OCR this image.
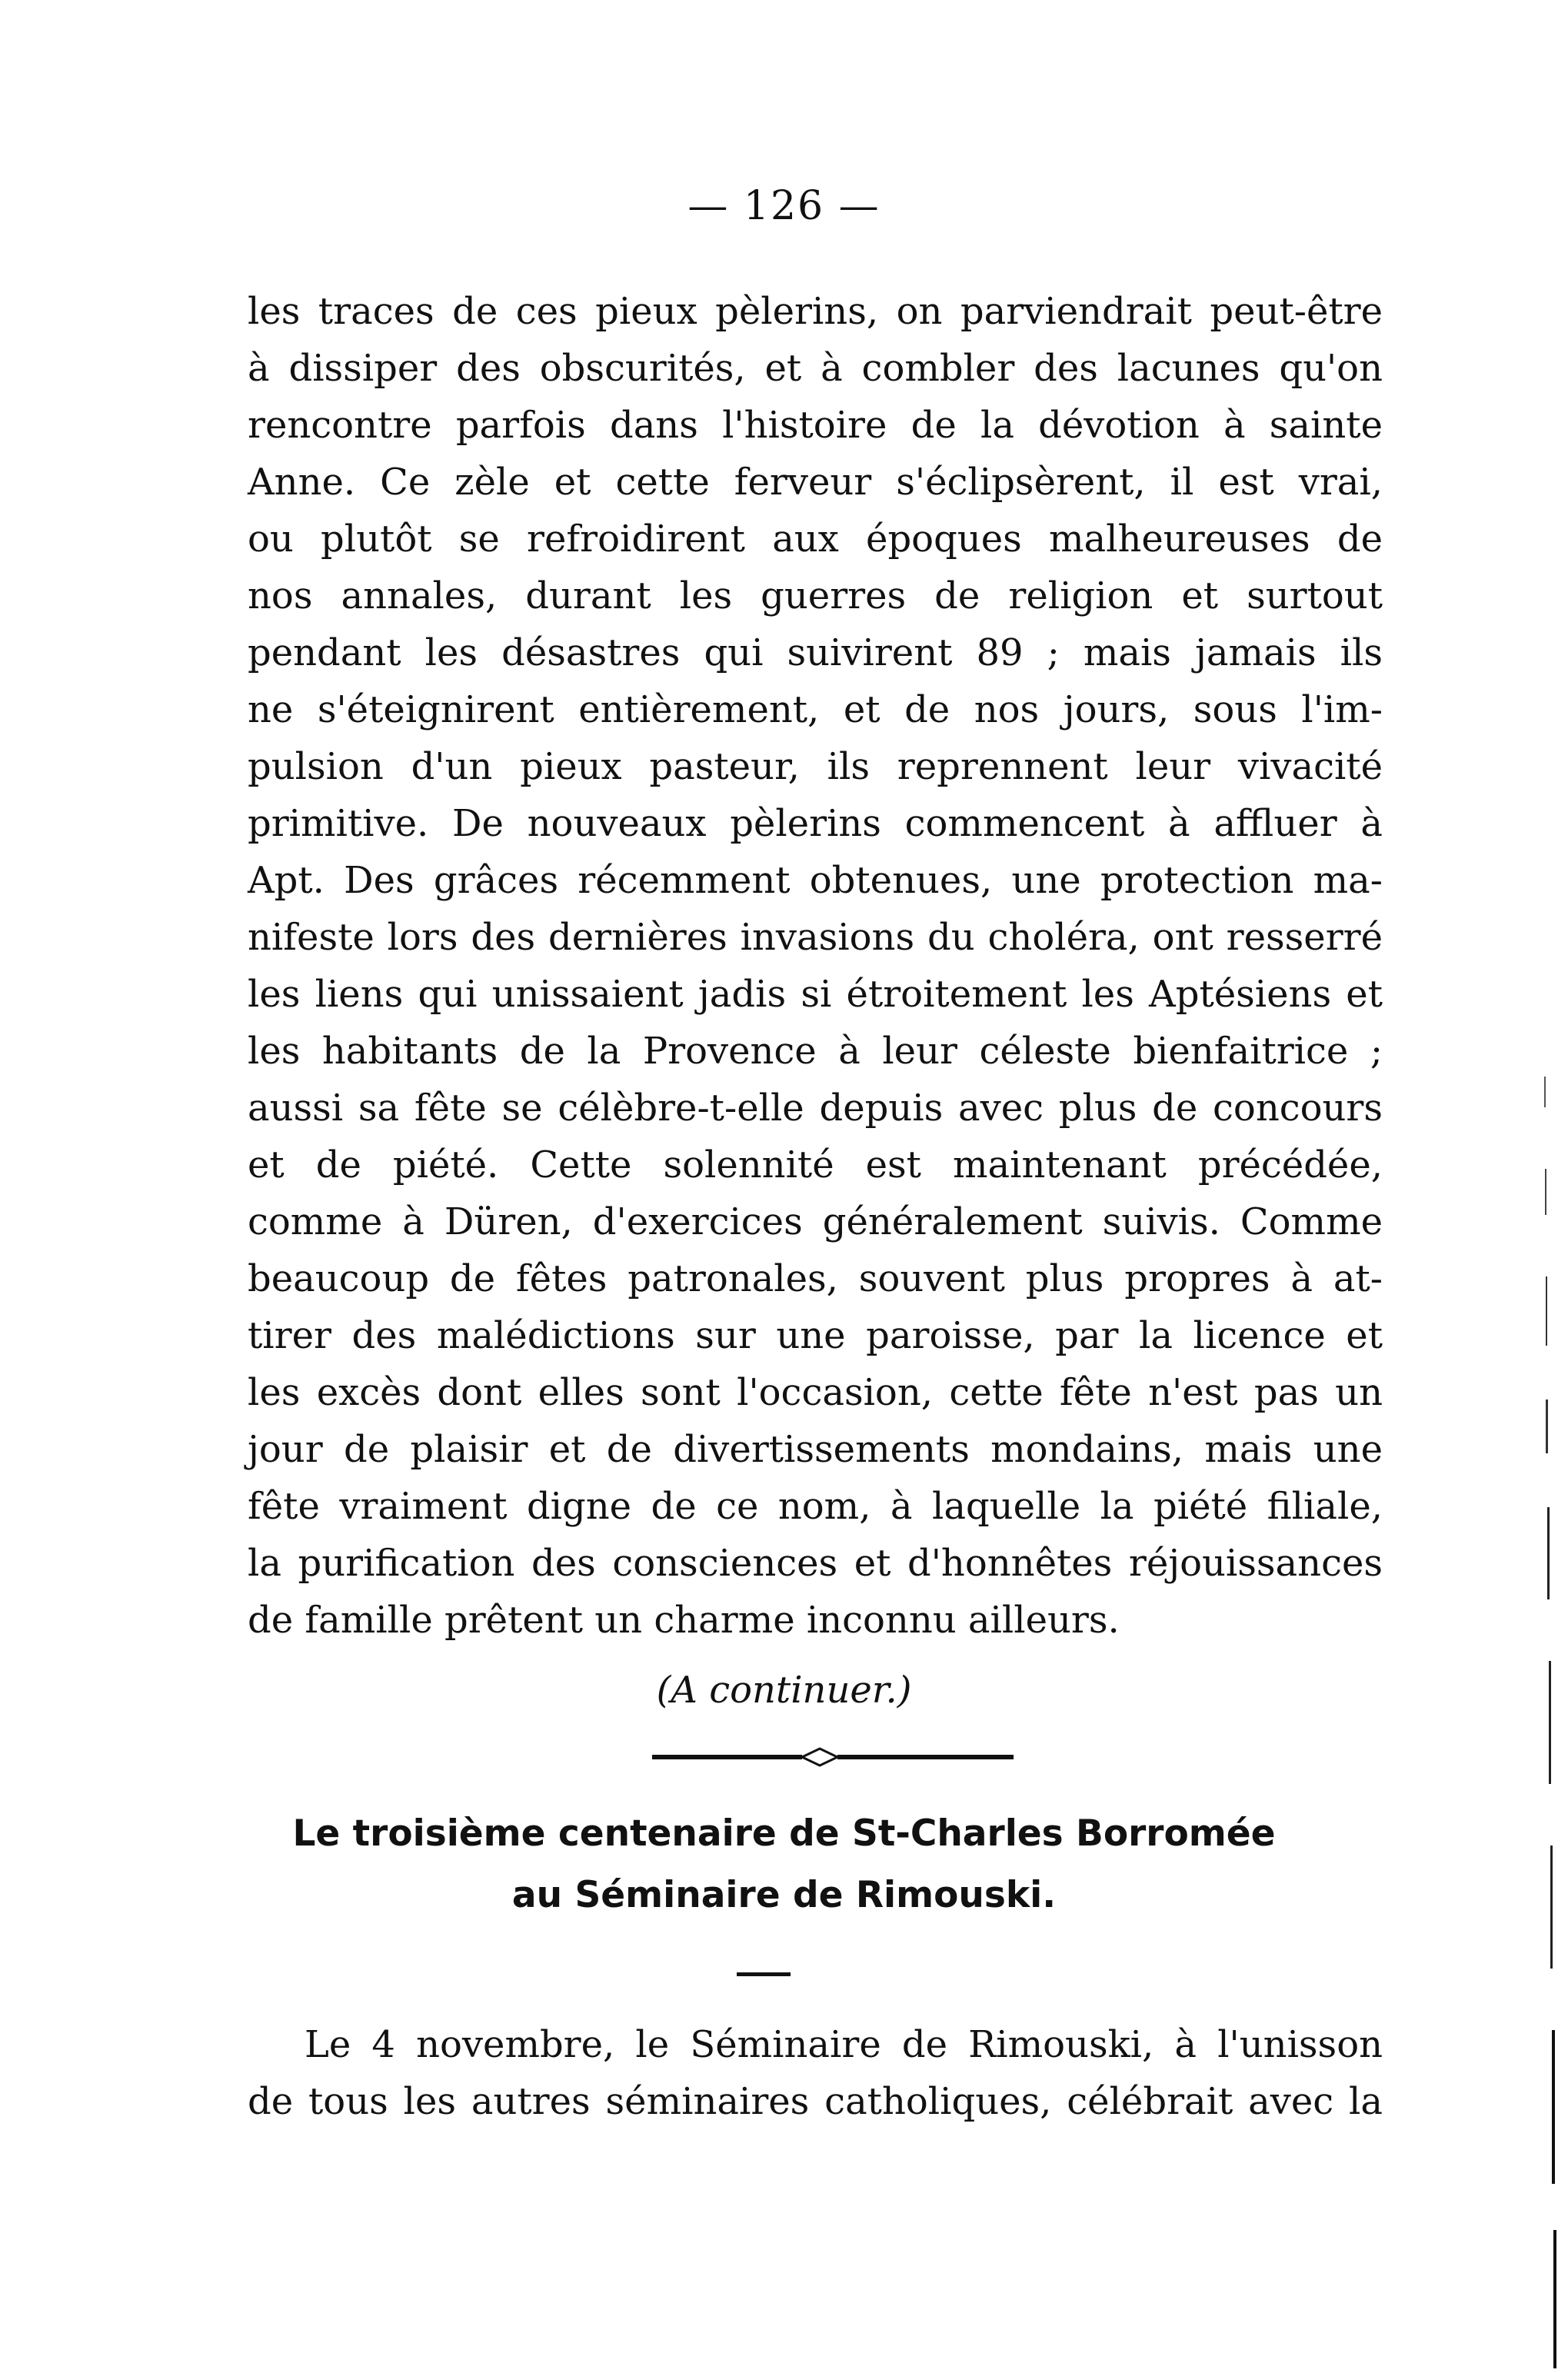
— 126 —
les traces de ces pieux pèlerins, on parviendrait peut-être
à dissiper des obscurités, et à combler des lacunes qu'on
rencontre parfois dans l'histoire de la dévotion à sainte
Anne. Ce zèle et cette ferveur s'éclipsèrent, il est vrai,
ou plutôt se refroidirent aux époques malheureuses de
nos annales, durant les guerres de religion et surtout
pendant les désastres qui suivirent 89 ; mais jamais ils
ne s'éteignirent entièrement, et de nos jours, sous l'im-
pulsion d'un pieux pasteur, ils reprennent leur vivacité
primitive. De nouveaux pèlerins commencent à affluer à
Apt. Des grâces récemment obtenues, une protection ma-
nifeste lors des dernières invasions du choléra, ont resserré
les liens qui unissaient jadis si étroitement les Aptésiens et
les habitants de la Provence à leur céleste bienfaitrice ;
aussi sa fête se célèbre-t-elle depuis avec plus de concours
et de piété. Cette solennité est maintenant précédée,
comme à Düren, d'exercices généralement suivis. Comme
beaucoup de fêtes patronales, souvent plus propres à at-
tirer des malédictions sur une paroisse, par la licence et
les excès dont elles sont l'occasion, cette fête n'est pas un
jour de plaisir et de divertissements mondains, mais une
fête vraiment digne de ce nom, à laquelle la piété filiale,
la purification des consciences et d'honnêtes réjouissances
de famille prêtent un charme inconnu ailleurs.
(A continuer.)
Le troisième centenaire de St-Charles Borromée
au Séminaire de Rimouski.
Le 4 novembre, le Séminaire de Rimouski, à l'unisson
de tous les autres séminaires catholiques, célébrait avec la
